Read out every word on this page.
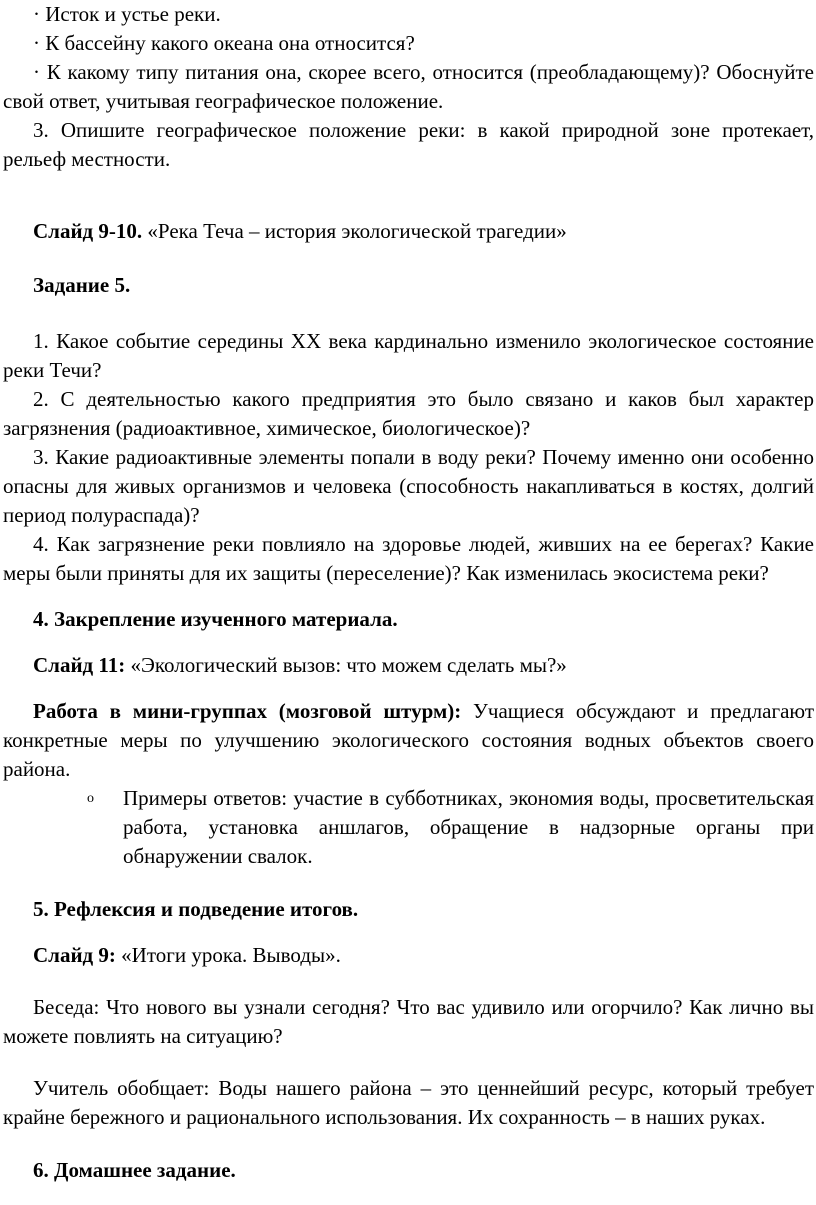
· Исток и устье реки.

· К бассейну какого океана она относится?

· К какому типу питания она, скорее всего, относится (преобладающему)? Обоснуйте свой ответ, учитывая географическое положение.

3. Опишите географическое положение реки: в какой природной зоне протекает, рельеф местности.

Слайд 9-10. «Река Теча – история экологической трагедии»

Задание 5.

1. Какое событие середины XX века кардинально изменило экологическое состояние реки Течи?

2. С деятельностью какого предприятия это было связано и каков был характер загрязнения (радиоактивное, химическое, биологическое)?

3. Какие радиоактивные элементы попали в воду реки? Почему именно они особенно опасны для живых организмов и человека (способность накапливаться в костях, долгий период полураспада)?

4. Как загрязнение реки повлияло на здоровье людей, живших на ее берегах? Какие меры были приняты для их защиты (переселение)? Как изменилась экосистема реки?

4. Закрепление изученного материала.

Слайд 11: «Экологический вызов: что можем сделать мы?»

Работа в мини-группах (мозговой штурм): Учащиеся обсуждают и предлагают конкретные меры по улучшению экологического состояния водных объектов своего района.

o	Примеры ответов: участие в субботниках, экономия воды, просветительская работа, установка аншлагов, обращение в надзорные органы при обнаружении свалок.

5. Рефлексия и подведение итогов.

Слайд 9: «Итоги урока. Выводы».

Беседа: Что нового вы узнали сегодня? Что вас удивило или огорчило? Как лично вы можете повлиять на ситуацию?

Учитель обобщает: Воды нашего района – это ценнейший ресурс, который требует крайне бережного и рационального использования. Их сохранность – в наших руках.

6. Домашнее задание.
